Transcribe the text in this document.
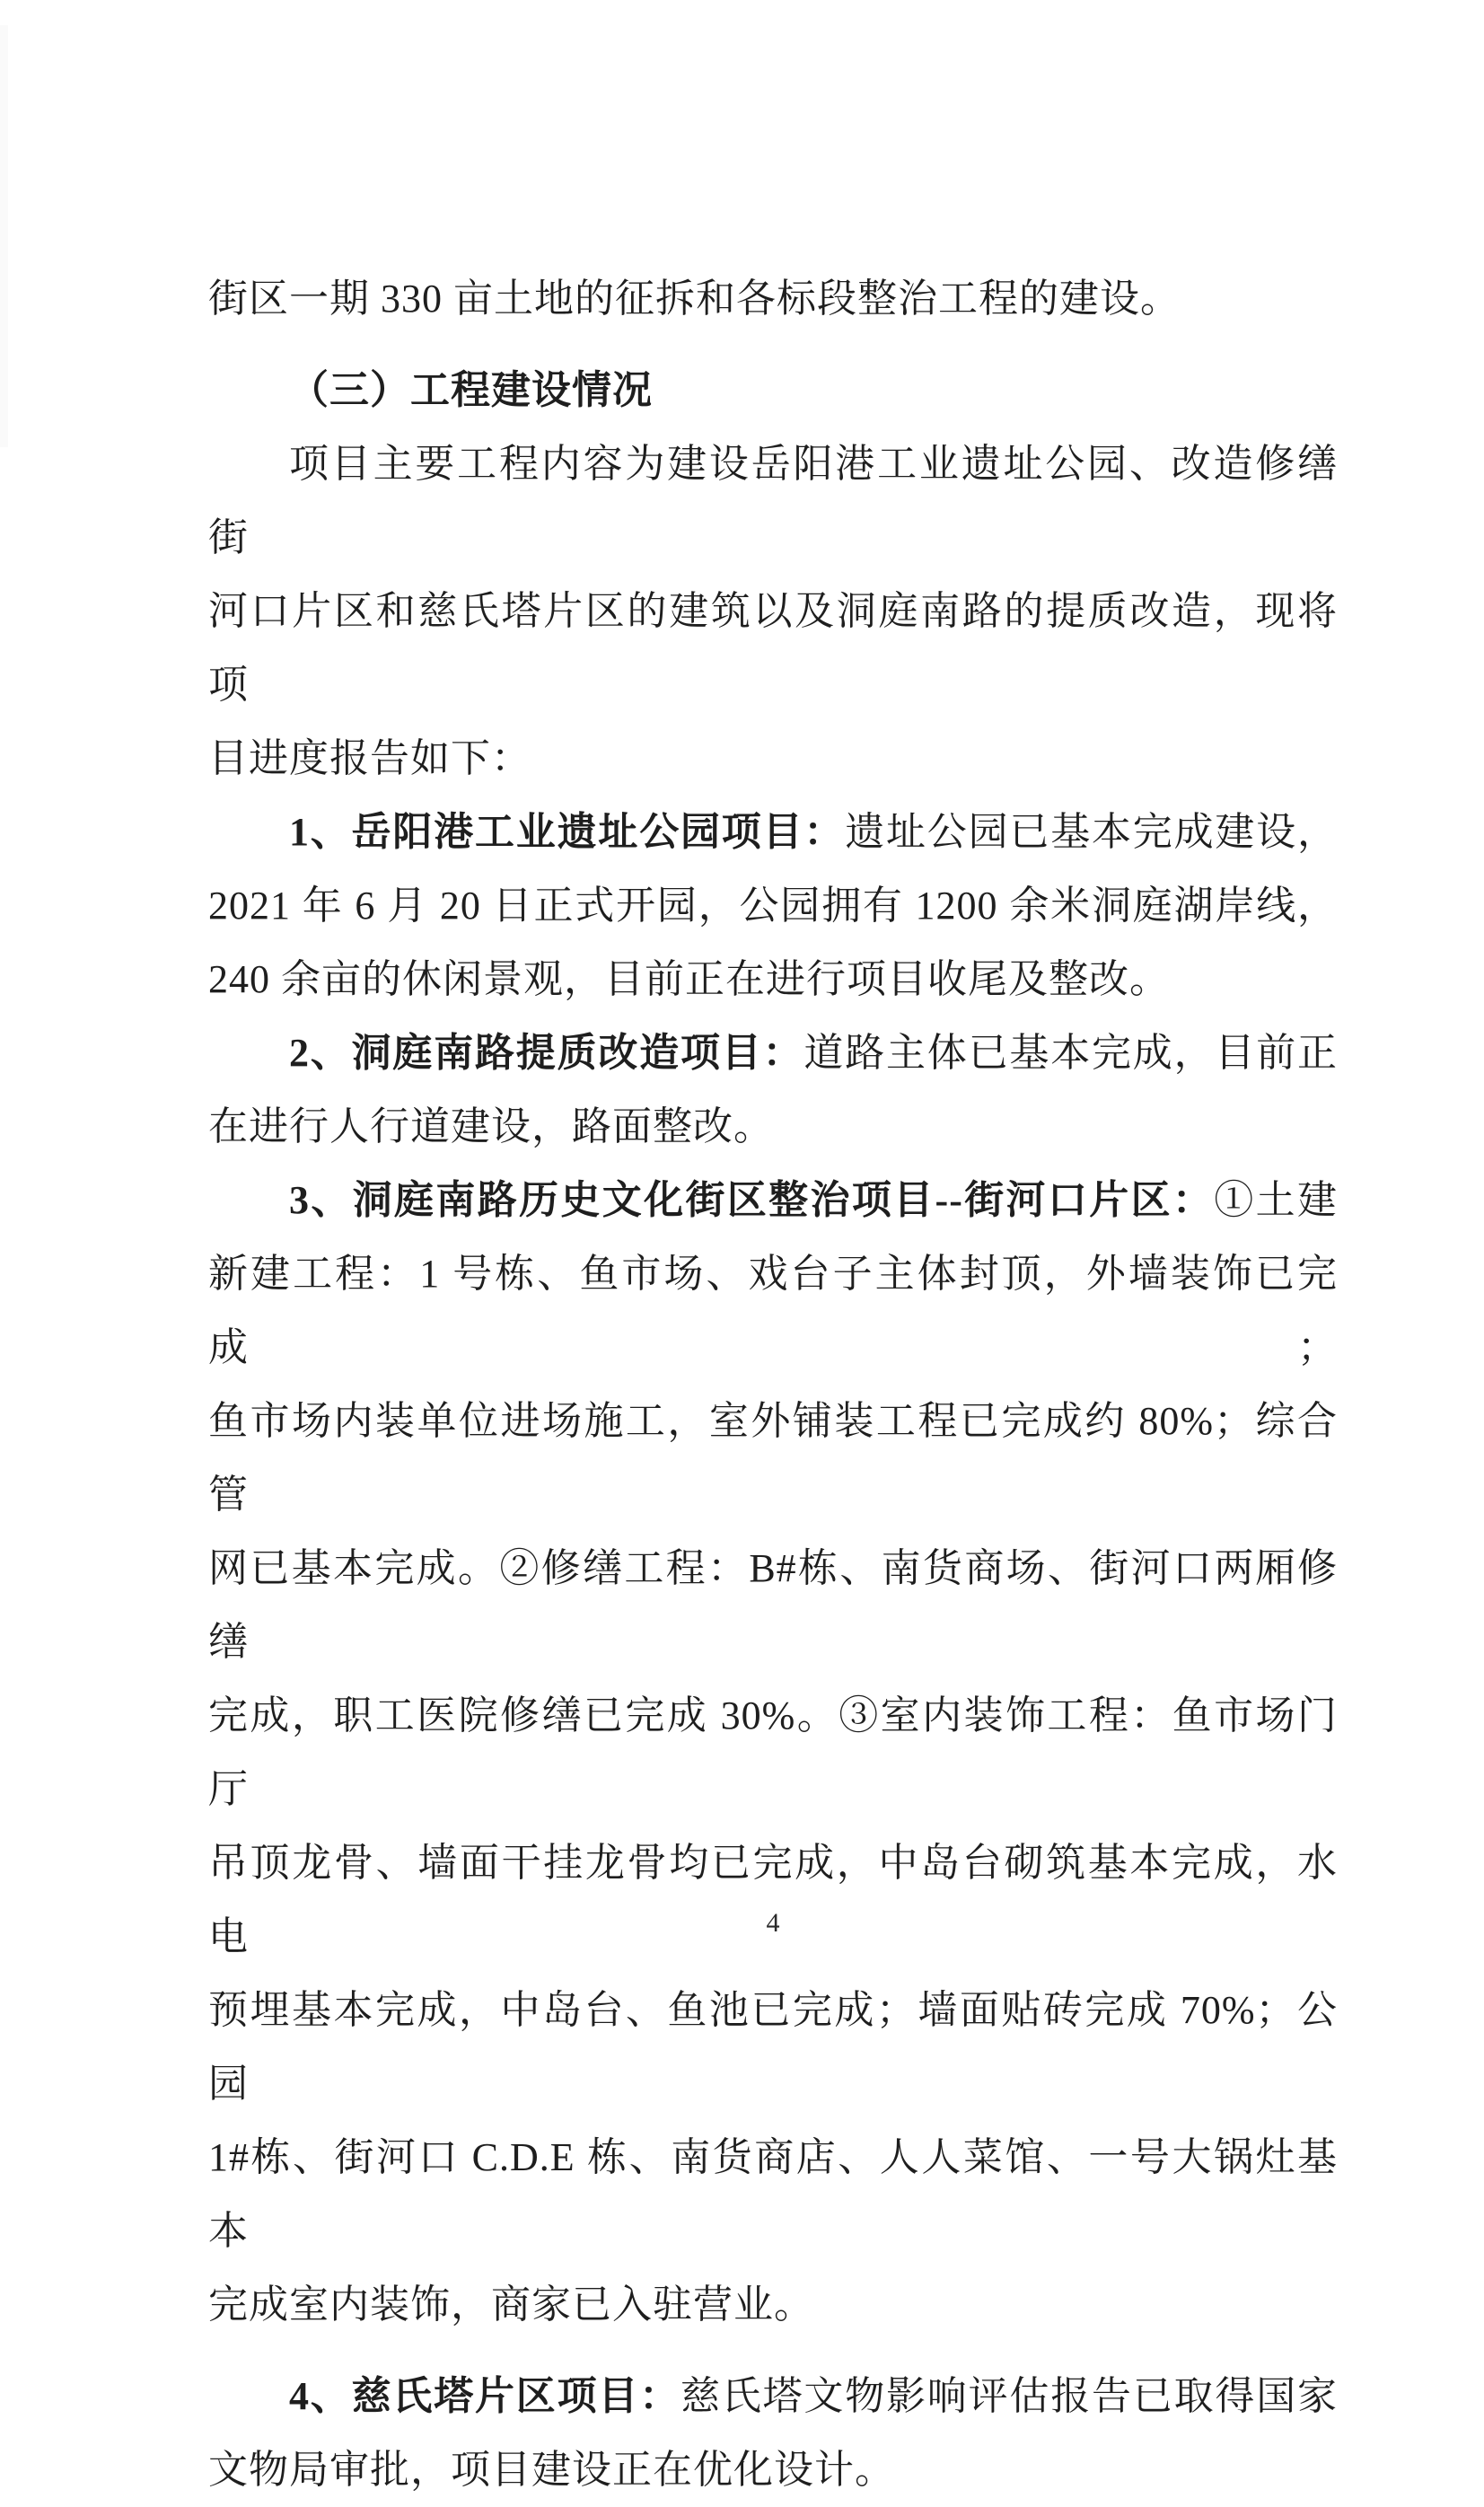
街区一期 330 亩土地的征拆和各标段整治工程的建设。
（三）工程建设情况
项目主要工程内容为建设岳阳港工业遗址公园、改造修缮街
河口片区和慈氏塔片区的建筑以及洞庭南路的提质改造，现将项
目进度报告如下：
1、岳阳港工业遗址公园项目：遗址公园已基本完成建设，
2021 年 6 月 20 日正式开园，公园拥有 1200 余米洞庭湖岸线，
240 余亩的休闲景观，目前正在进行项目收尾及整改。
2、洞庭南路提质改造项目：道路主体已基本完成，目前正
在进行人行道建设，路面整改。
3、洞庭南路历史文化街区整治项目--街河口片区：①土建
新建工程：1 号栋、鱼市场、戏台子主体封顶，外墙装饰已完成；
鱼市场内装单位进场施工，室外铺装工程已完成约 80%；综合管
网已基本完成。②修缮工程：B#栋、南货商场、街河口两厢修缮
完成，职工医院修缮已完成 30%。③室内装饰工程：鱼市场门厅
吊顶龙骨、墙面干挂龙骨均已完成，中岛台砌筑基本完成，水电
预埋基本完成，中岛台、鱼池已完成；墙面贴砖完成 70%；公园
1#栋、街河口 C.D.E 栋、南货商店、人人菜馆、一号大锅灶基本
完成室内装饰，商家已入驻营业。
4、慈氏塔片区项目：慈氏塔文物影响评估报告已取得国家
文物局审批，项目建设正在优化设计。
4
